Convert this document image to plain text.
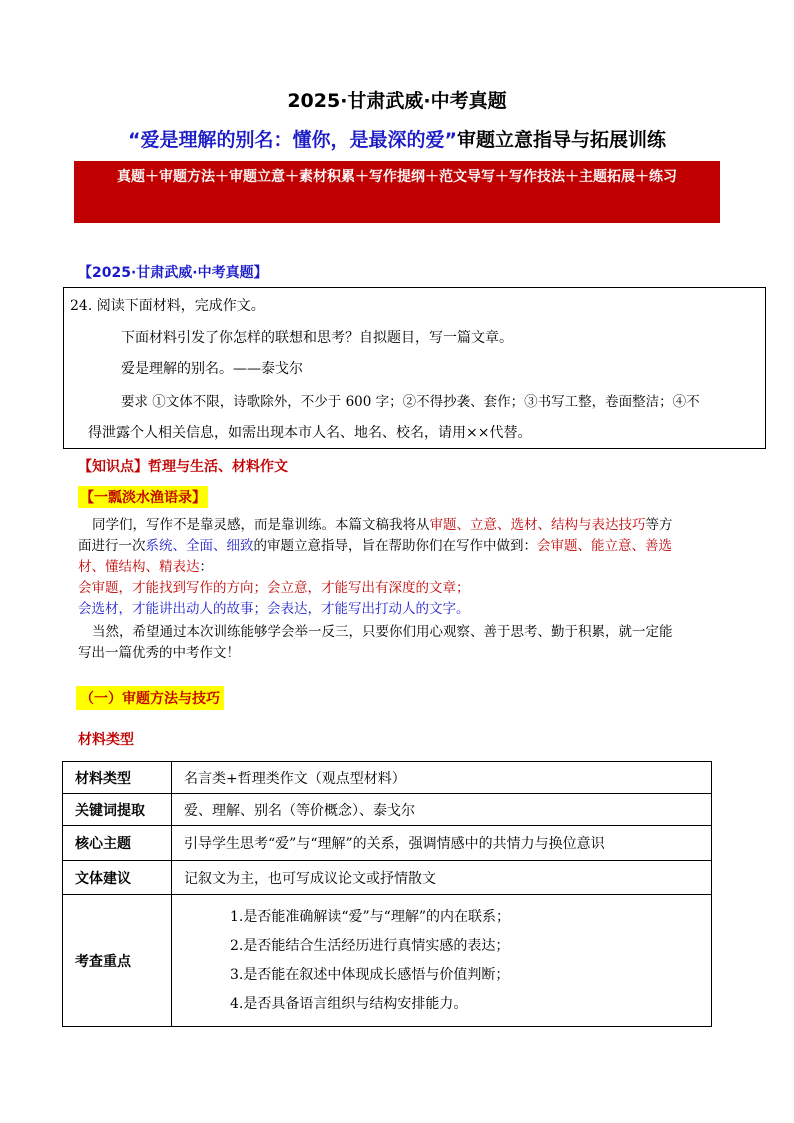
2025·甘肃武威·中考真题
“爱是理解的别名：懂你，是最深的爱”审题立意指导与拓展训练
真题＋审题方法＋审题立意＋素材积累＋写作提纲＋范文导写＋写作技法＋主题拓展＋练习
【2025·甘肃武威·中考真题】
24. 阅读下面材料，完成作文。
下面材料引发了你怎样的联想和思考？自拟题目，写一篇文章。
爱是理解的别名。——泰戈尔
要求 ①文体不限，诗歌除外，不少于 600 字；②不得抄袭、套作；③书写工整，卷面整洁；④不
得泄露个人相关信息，如需出现本市人名、地名、校名，请用××代替。
【知识点】哲理与生活、材料作文
【一瓢淡水渔语录】
同学们，写作不是靠灵感，而是靠训练。本篇文稿我将从审题、立意、选材、结构与表达技巧等方
面进行一次系统、全面、细致的审题立意指导，旨在帮助你们在写作中做到：会审题、能立意、善选
材、懂结构、精表达：
会审题，才能找到写作的方向；会立意，才能写出有深度的文章；
会选材，才能讲出动人的故事；会表达，才能写出打动人的文字。
当然，希望通过本次训练能够学会举一反三，只要你们用心观察、善于思考、勤于积累，就一定能
写出一篇优秀的中考作文！
（一）审题方法与技巧
材料类型
材料类型	名言类+哲理类作文（观点型材料）
关键词提取	爱、理解、别名（等价概念）、泰戈尔
核心主题	引导学生思考“爱”与“理解”的关系，强调情感中的共情力与换位意识
文体建议	记叙文为主，也可写成议论文或抒情散文
考查重点	1.是否能准确解读“爱”与“理解”的内在联系；
2.是否能结合生活经历进行真情实感的表达；
3.是否能在叙述中体现成长感悟与价值判断；
4.是否具备语言组织与结构安排能力。
